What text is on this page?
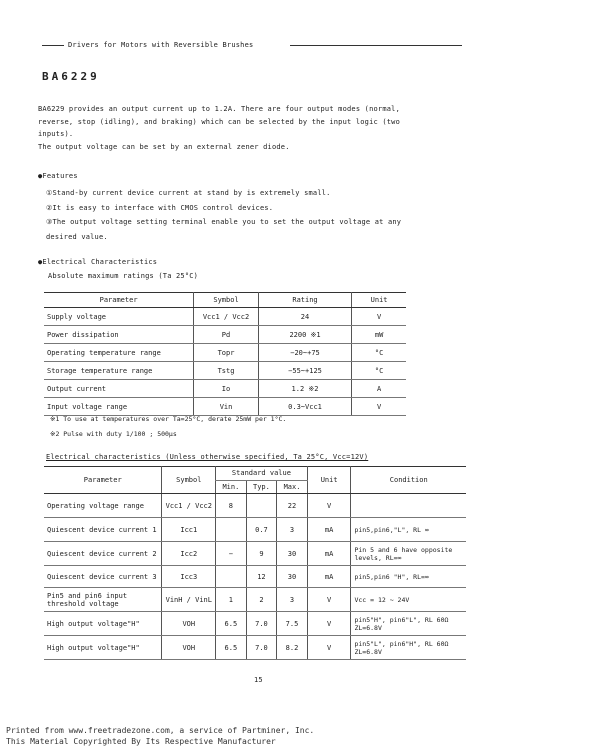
Drivers for Motors with Reversible Brushes
BA6229
BA6229 provides an output current up to 1.2A. There are four output modes (normal,
reverse, stop (idling), and braking) which can be selected by the input logic (two
inputs).
The output voltage can be set by an external zener diode.
●Features
①Stand-by current device current at stand by is extremely small.
②It is easy to interface with CMOS control devices.
③The output voltage setting terminal enable you to set the output voltage at any
desired value.
●Electrical Characteristics
Absolute maximum ratings (Ta 25°C)
Parameter	Symbol	Rating	Unit
Supply voltage	Vcc1 / Vcc2	24	V
Power dissipation	Pd	2200 ※1	mW
Operating temperature range	Topr	−20~+75	°C
Storage temperature range	Tstg	−55~+125	°C
Output current	Io	1.2 ※2	A
Input voltage range	Vin	0.3~Vcc1	V
※1 To use at temperatures over Ta=25°C, derate 25mW per 1°C.
※2 Pulse with duty 1/100 ; 500μs
Electrical characteristics (Unless otherwise specified, Ta 25°C, Vcc=12V)
Parameter	Symbol	Standard value			Unit	Condition
		Min.	Typ.	Max.		
Operating voltage range	Vcc1 / Vcc2	8		22	V	
Quiescent device current 1	Icc1		0.7	3	mA	pin5,pin6,"L", RL ∞
Quiescent device current 2	Icc2	−	9	30	mA	Pin 5 and 6 have opposite levels, RL=∞
Quiescent device current 3	Icc3		12	30	mA	pin5,pin6 "H", RL=∞
Pin5 and pin6 input threshold voltage	VinH / VinL	1	2	3	V	Vcc = 12 ~ 24V
High output voltage"H"	VOH	6.5	7.0	7.5	V	pin5"H", pin6"L", RL 60Ω ZL=6.8V
High output voltage"H"	VOH	6.5	7.0	8.2	V	pin5"L", pin6"H", RL 60Ω ZL=6.8V
15
Printed from www.freetradezone.com, a service of Partminer, Inc.
This Material Copyrighted By Its Respective Manufacturer
